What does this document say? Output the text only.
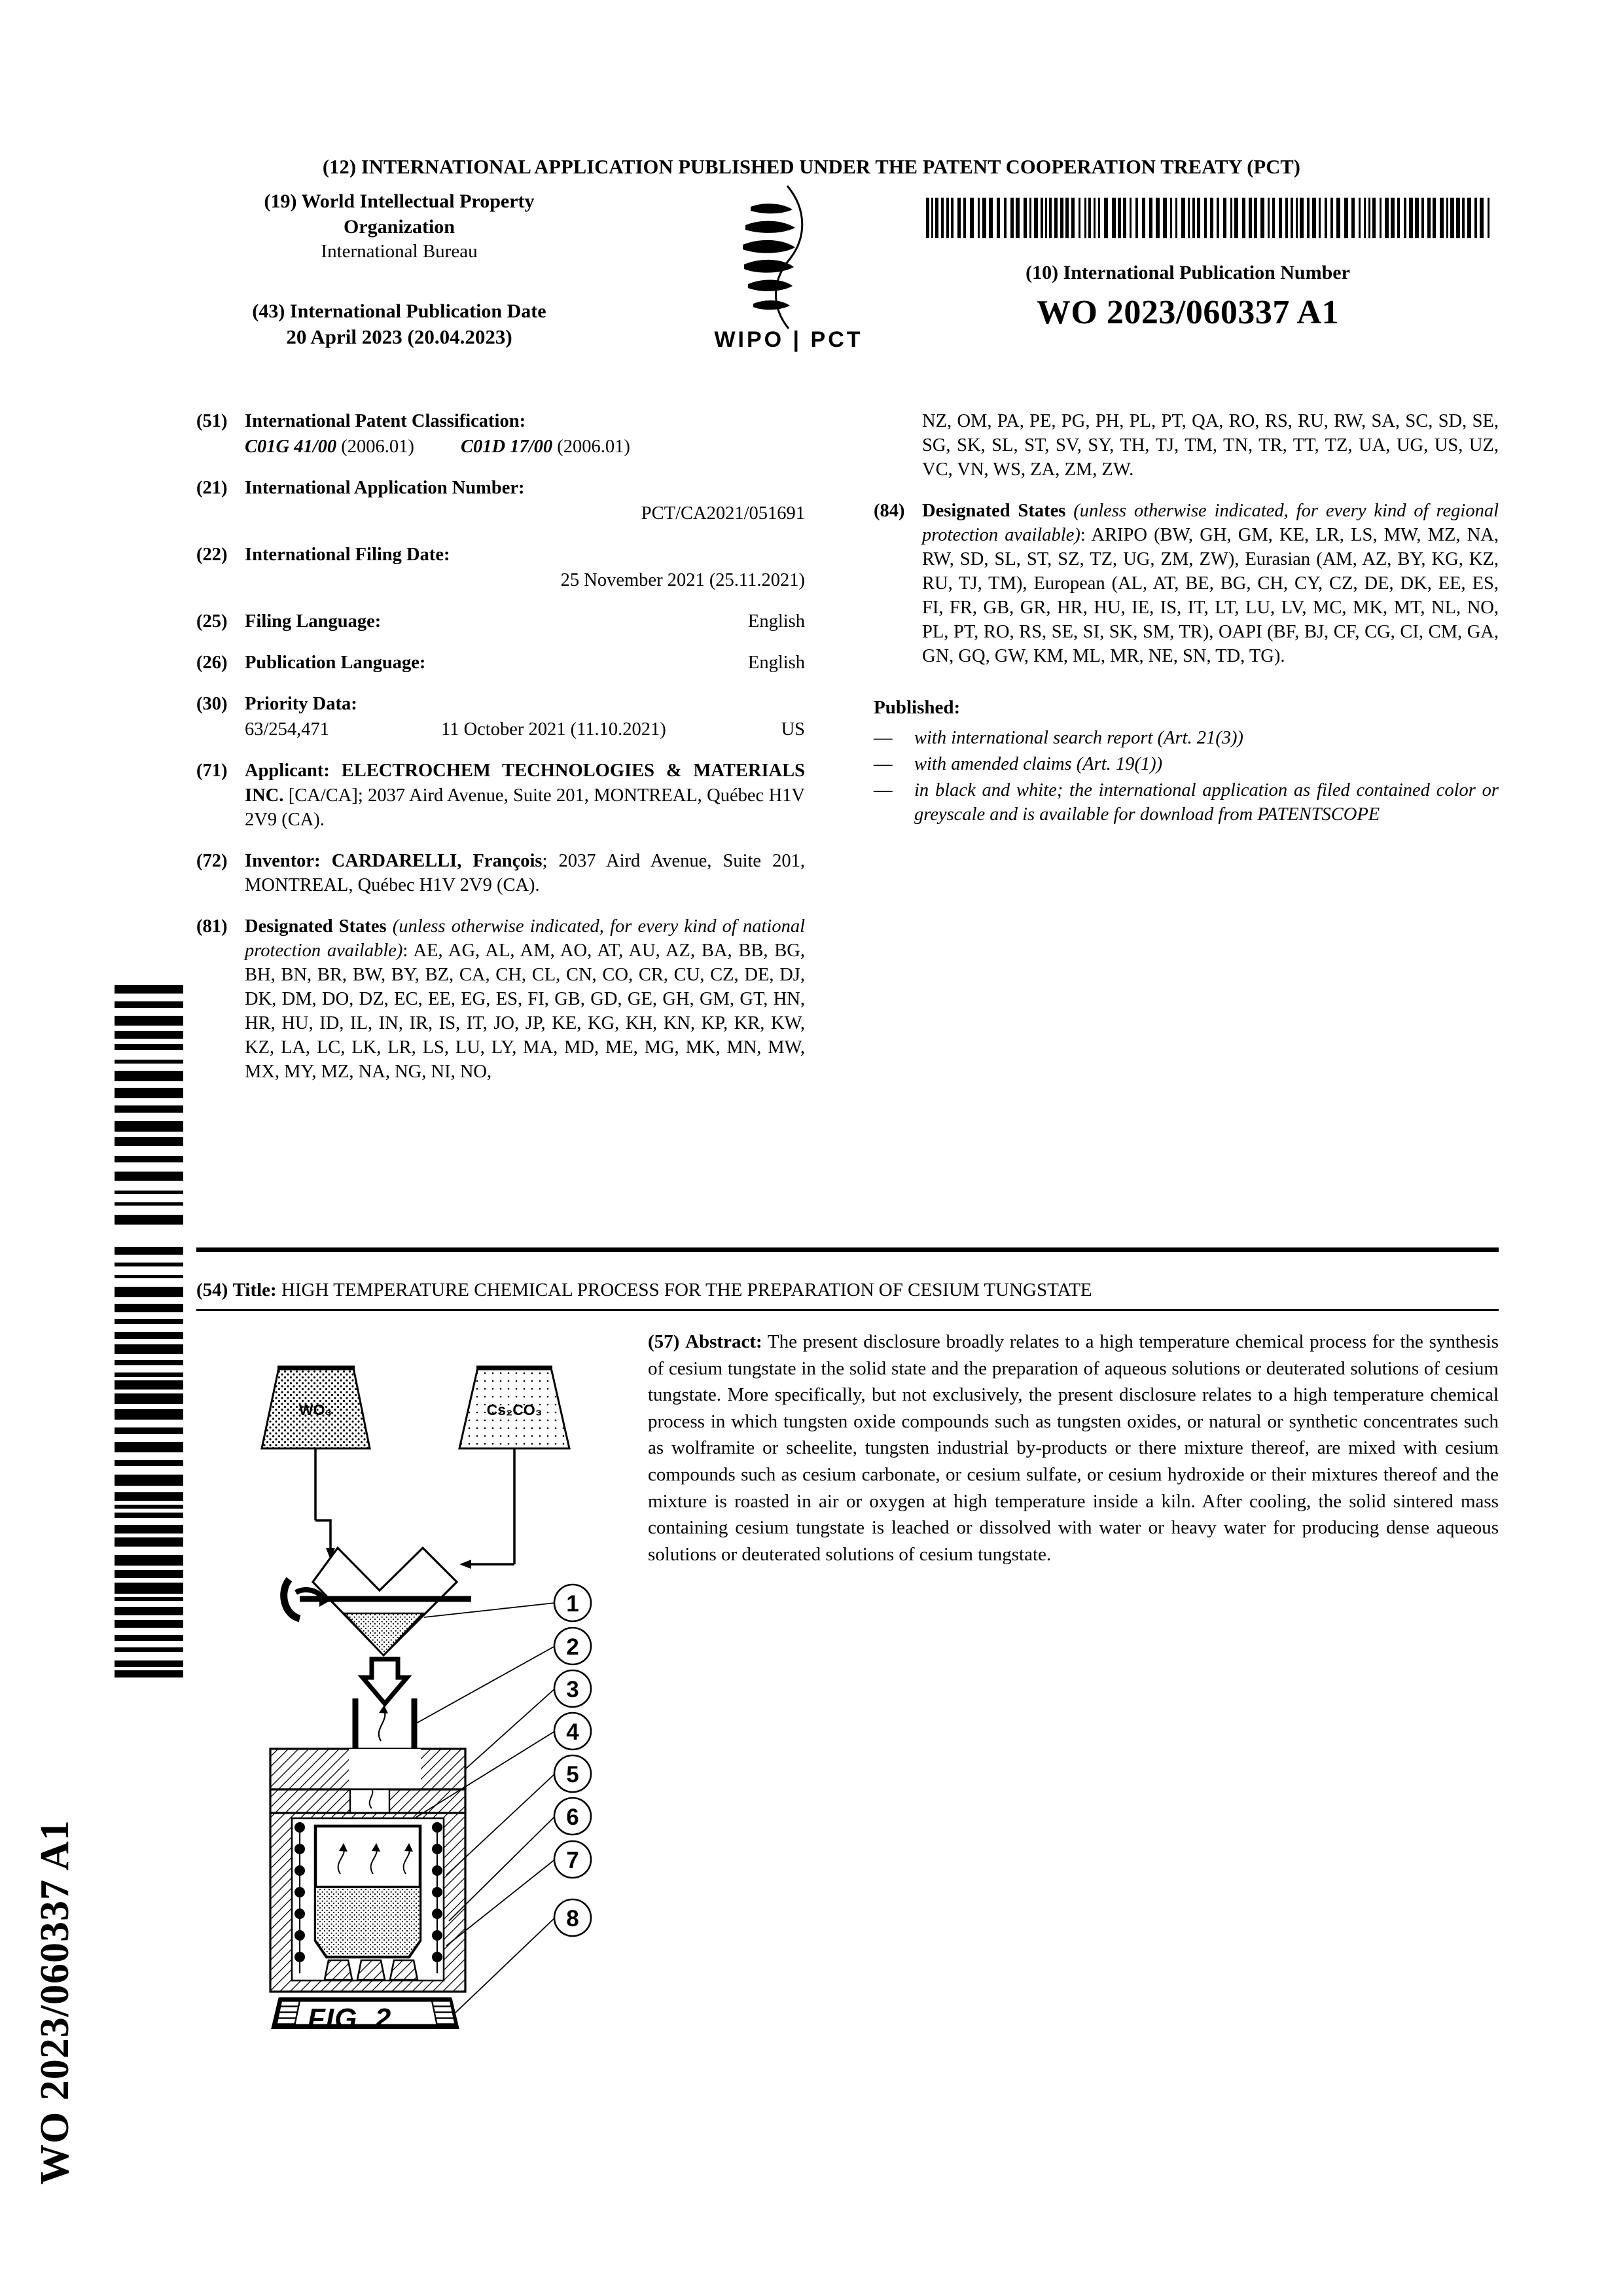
WO 2023/060337 A1
(12) INTERNATIONAL APPLICATION PUBLISHED UNDER THE PATENT COOPERATION TREATY (PCT)
(19) World Intellectual Property
Organization
International Bureau
(43) International Publication Date
20 April 2023 (20.04.2023)	WIPO | PCT
(10) International Publication Number
WO 2023/060337 A1
(51) International Patent Classification:
C01G 41/00 (2006.01)	C01D 17/00 (2006.01)
(21) International Application Number:
PCT/CA2021/051691
(22) International Filing Date:
25 November 2021 (25.11.2021)
(25) Filing Language:	English
(26) Publication Language:	English
(30) Priority Data:
63/254,471	11 October 2021 (11.10.2021)	US
(71) Applicant: ELECTROCHEM TECHNOLOGIES & MATERIALS INC. [CA/CA]; 2037 Aird Avenue, Suite 201, MONTREAL, Québec H1V 2V9 (CA).
(72) Inventor: CARDARELLI, François; 2037 Aird Avenue, Suite 201, MONTREAL, Québec H1V 2V9 (CA).
(81) Designated States (unless otherwise indicated, for every kind of national protection available): AE, AG, AL, AM, AO, AT, AU, AZ, BA, BB, BG, BH, BN, BR, BW, BY, BZ, CA, CH, CL, CN, CO, CR, CU, CZ, DE, DJ, DK, DM, DO, DZ, EC, EE, EG, ES, FI, GB, GD, GE, GH, GM, GT, HN, HR, HU, ID, IL, IN, IR, IS, IT, JO, JP, KE, KG, KH, KN, KP, KR, KW, KZ, LA, LC, LK, LR, LS, LU, LY, MA, MD, ME, MG, MK, MN, MW, MX, MY, MZ, NA, NG, NI, NO,
NZ, OM, PA, PE, PG, PH, PL, PT, QA, RO, RS, RU, RW, SA, SC, SD, SE, SG, SK, SL, ST, SV, SY, TH, TJ, TM, TN, TR, TT, TZ, UA, UG, US, UZ, VC, VN, WS, ZA, ZM, ZW.
(84) Designated States (unless otherwise indicated, for every kind of regional protection available): ARIPO (BW, GH, GM, KE, LR, LS, MW, MZ, NA, RW, SD, SL, ST, SZ, TZ, UG, ZM, ZW), Eurasian (AM, AZ, BY, KG, KZ, RU, TJ, TM), European (AL, AT, BE, BG, CH, CY, CZ, DE, DK, EE, ES, FI, FR, GB, GR, HR, HU, IE, IS, IT, LT, LU, LV, MC, MK, MT, NL, NO, PL, PT, RO, RS, SE, SI, SK, SM, TR), OAPI (BF, BJ, CF, CG, CI, CM, GA, GN, GQ, GW, KM, ML, MR, NE, SN, TD, TG).
Published:
—	with international search report (Art. 21(3))
—	with amended claims (Art. 19(1))
—	in black and white; the international application as filed contained color or greyscale and is available for download from PATENTSCOPE
(54) Title: HIGH TEMPERATURE CHEMICAL PROCESS FOR THE PREPARATION OF CESIUM TUNGSTATE
(57) Abstract: The present disclosure broadly relates to a high temperature chemical process for the synthesis of cesium tungstate in the solid state and the preparation of aqueous solutions or deuterated solutions of cesium tungstate. More specifically, but not exclusively, the present disclosure relates to a high temperature chemical process in which tungsten oxide compounds such as tungsten oxides, or natural or synthetic concentrates such as wolframite or scheelite, tungsten industrial by-products or there mixture thereof, are mixed with cesium compounds such as cesium carbonate, or cesium sulfate, or cesium hydroxide or their mixtures thereof and the mixture is roasted in air or oxygen at high temperature inside a kiln. After cooling, the solid sintered mass containing cesium tungstate is leached or dissolved with water or heavy water for producing dense aqueous solutions or deuterated solutions of cesium tungstate.
WO₃	Cs₂CO₃
1
2
3
4
5
6
7
8
FIG. 2
